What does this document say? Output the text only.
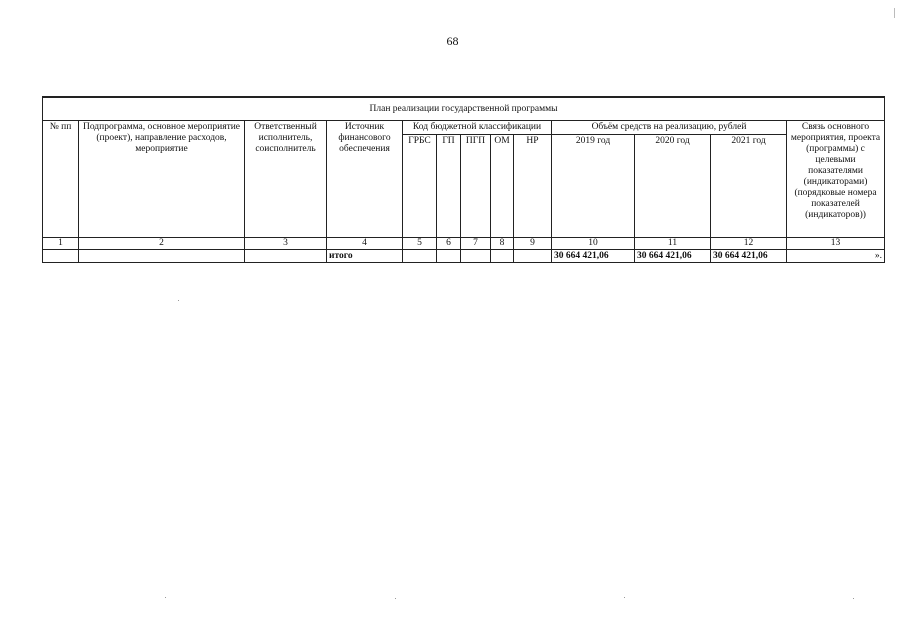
68
План реализации государственной программы												
№ пп	Подпрограмма, основное мероприятие (проект), направление расходов, мероприятие	Ответственный исполнитель, соисполнитель	Источник финансового обеспечения	Код бюджетной классификации					Объём средств на реализацию, рублей			Связь основного мероприятия, проекта (программы) с целевыми показателями (индикаторами) (порядковые номера показателей (индикаторов))
				ГРБС	ГП	ПГП	ОМ	НР	2019 год	2020 год	2021 год	
1	2	3	4	5	6	7	8	9	10	11	12	13
			итого						30 664 421,06	30 664 421,06	30 664 421,06	».
